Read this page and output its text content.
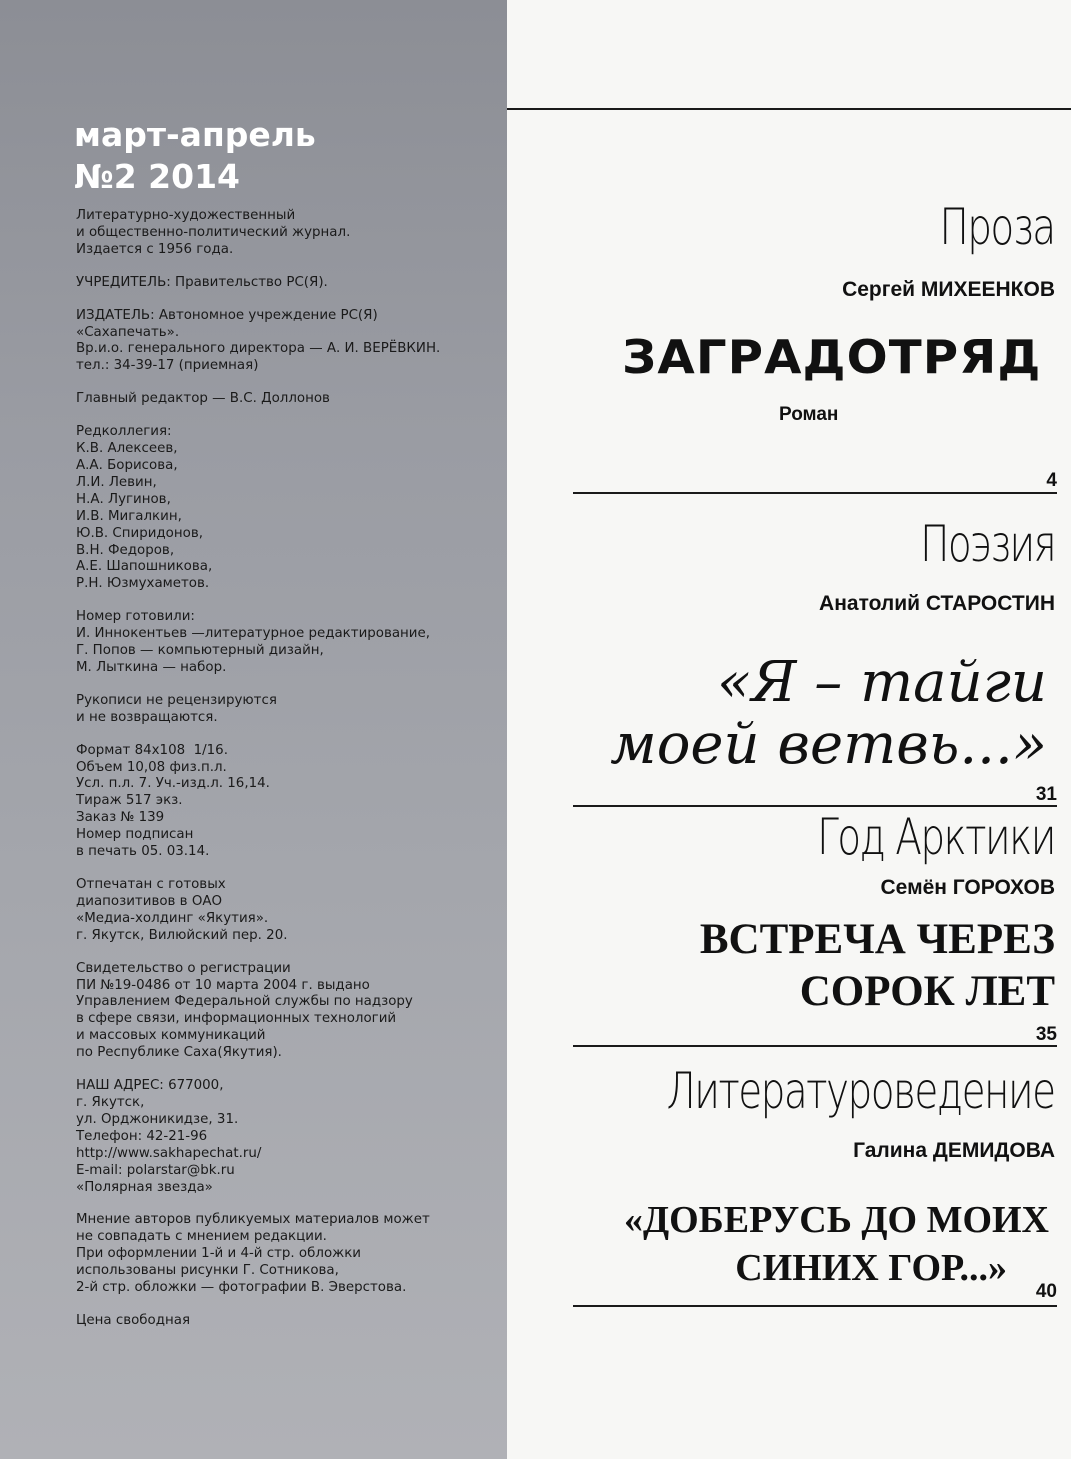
март-апрель
№2 2014
Литературно-художественный
и общественно-политический журнал.
Издается с 1956 года.
УЧРЕДИТЕЛЬ: Правительство РС(Я).
ИЗДАТЕЛЬ: Автономное учреждение РС(Я)
«Сахапечать».
Вр.и.о. генерального директора — А. И. ВЕРЁВКИН.
тел.: 34-39-17 (приемная)
Главный редактор — В.С. Доллонов
Редколлегия:
К.В. Алексеев,
А.А. Борисова,
Л.И. Левин,
Н.А. Лугинов,
И.В. Мигалкин,
Ю.В. Спиридонов,
В.Н. Федоров,
А.Е. Шапошникова,
Р.Н. Юзмухаметов.
Номер готовили:
И. Иннокентьев —литературное редактирование,
Г. Попов — компьютерный дизайн,
М. Лыткина — набор.
Рукописи не рецензируются
и не возвращаются.
Формат 84х108  1/16.
Объем 10,08 физ.п.л.
Усл. п.л. 7. Уч.-изд.л. 16,14.
Тираж 517 экз.
Заказ № 139
Номер подписан
в печать 05. 03.14.
Отпечатан с готовых
диапозитивов в ОАО
«Медиа-холдинг «Якутия».
г. Якутск, Вилюйский пер. 20.
Свидетельство о регистрации
ПИ №19-0486 от 10 марта 2004 г. выдано
Управлением Федеральной службы по надзору
в сфере связи, информационных технологий
и массовых коммуникаций
по Республике Саха(Якутия).
НАШ АДРЕС: 677000,
г. Якутск,
ул. Орджоникидзе, 31.
Телефон: 42-21-96
http://www.sakhapechat.ru/
E-mail: polarstar@bk.ru
«Полярная звезда»
Мнение авторов публикуемых материалов может
не совпадать с мнением редакции.
При оформлении 1-й и 4-й стр. обложки
использованы рисунки Г. Сотникова,
2-й стр. обложки — фотографии В. Эверстова.
Цена свободная
Проза
Сергей МИХЕЕНКОВ
ЗАГРАДОТРЯД
Роман
4
Поэзия
Анатолий СТАРОСТИН
«Я – тайги
моей ветвь...»
31
Год Арктики
Семён ГОРОХОВ
ВСТРЕЧА ЧЕРЕЗ
СОРОК ЛЕТ
35
Литературоведение
Галина ДЕМИДОВА
«ДОБЕРУСЬ ДО МОИХ
СИНИХ ГОР...»
40
